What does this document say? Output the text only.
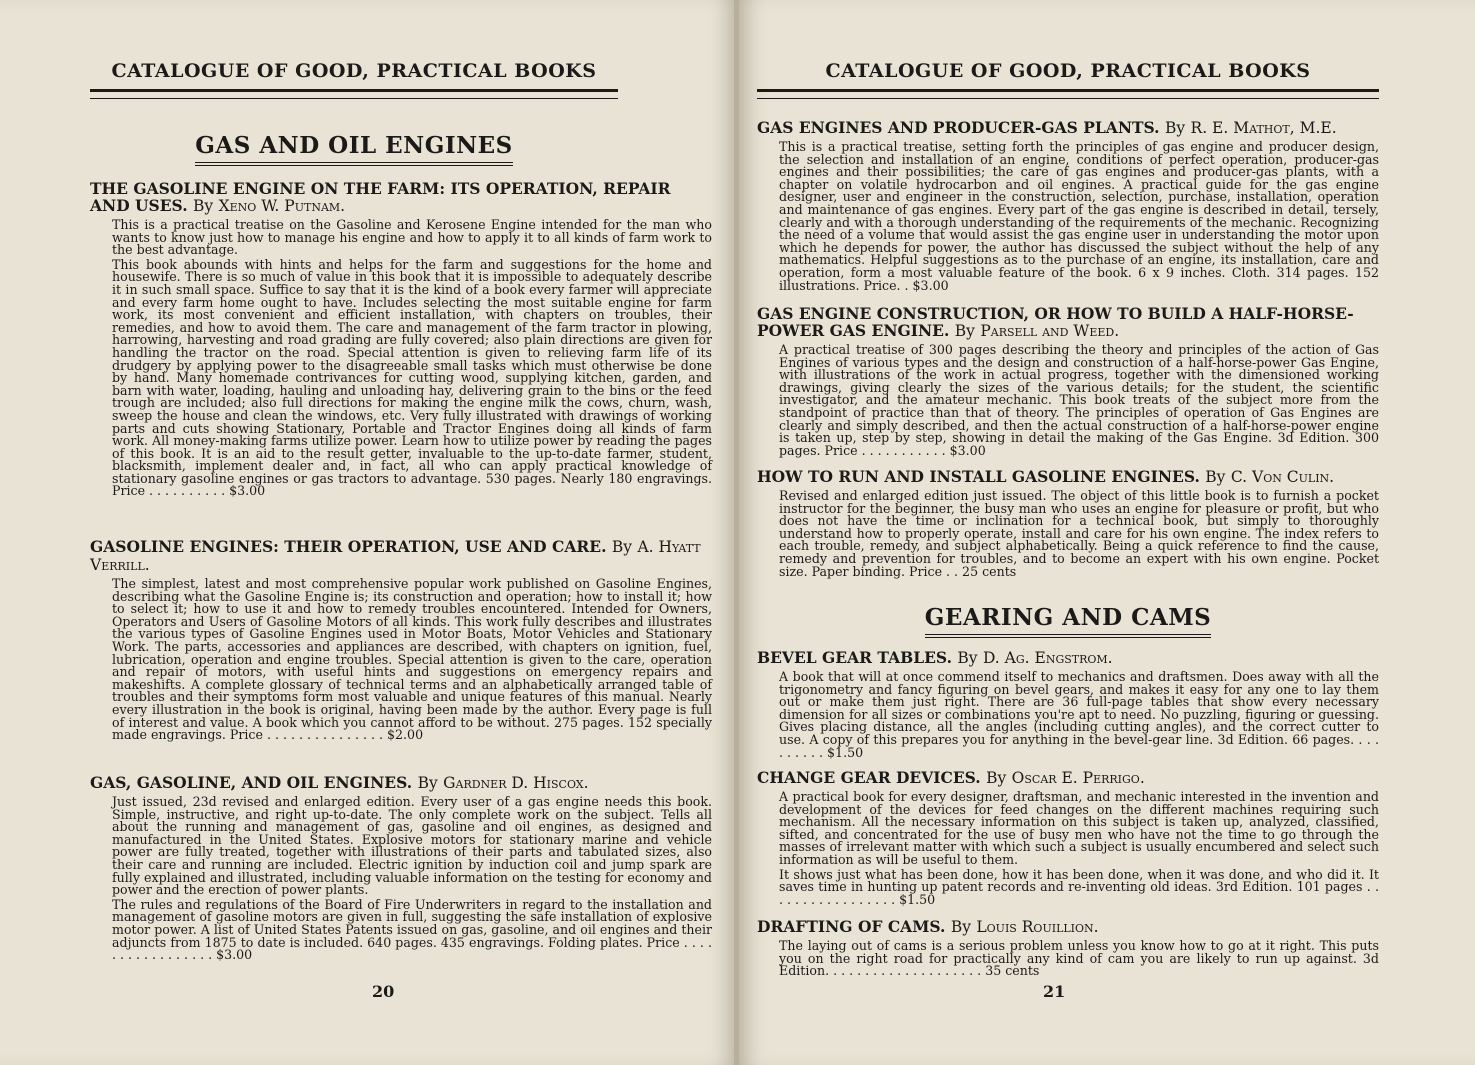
CATALOGUE OF GOOD, PRACTICAL BOOKS
GAS AND OIL ENGINES
THE GASOLINE ENGINE ON THE FARM: ITS OPERATION, REPAIR AND USES. By Xeno W. Putnam.

This is a practical treatise on the Gasoline and Kerosene Engine intended for the man who wants to know just how to manage his engine and how to apply it to all kinds of farm work to the best advantage.

This book abounds with hints and helps for the farm and suggestions for the home and housewife. There is so much of value in this book that it is impossible to adequately describe it in such small space. Suffice to say that it is the kind of a book every farmer will appreciate and every farm home ought to have. Includes selecting the most suitable engine for farm work, its most convenient and efficient installation, with chapters on troubles, their remedies, and how to avoid them. The care and management of the farm tractor in plowing, harrowing, harvesting and road grading are fully covered; also plain directions are given for handling the tractor on the road. Special attention is given to relieving farm life of its drudgery by applying power to the disagreeable small tasks which must otherwise be done by hand. Many homemade contrivances for cutting wood, supplying kitchen, garden, and barn with water, loading, hauling and unloading hay, delivering grain to the bins or the feed trough are included; also full directions for making the engine milk the cows, churn, wash, sweep the house and clean the windows, etc. Very fully illustrated with drawings of working parts and cuts showing Stationary, Portable and Tractor Engines doing all kinds of farm work. All money-making farms utilize power. Learn how to utilize power by reading the pages of this book. It is an aid to the result getter, invaluable to the up-to-date farmer, student, blacksmith, implement dealer and, in fact, all who can apply practical knowledge of stationary gasoline engines or gas tractors to advantage. 530 pages. Nearly 180 engravings. Price . . . . . . . . . . $3.00

GASOLINE ENGINES: THEIR OPERATION, USE AND CARE. By A. Hyatt Verrill.

The simplest, latest and most comprehensive popular work published on Gasoline Engines, describing what the Gasoline Engine is; its construction and operation; how to install it; how to select it; how to use it and how to remedy troubles encountered. Intended for Owners, Operators and Users of Gasoline Motors of all kinds. This work fully describes and illustrates the various types of Gasoline Engines used in Motor Boats, Motor Vehicles and Stationary Work. The parts, accessories and appliances are described, with chapters on ignition, fuel, lubrication, operation and engine troubles. Special attention is given to the care, operation and repair of motors, with useful hints and suggestions on emergency repairs and makeshifts. A complete glossary of technical terms and an alphabetically arranged table of troubles and their symptoms form most valuable and unique features of this manual. Nearly every illustration in the book is original, having been made by the author. Every page is full of interest and value. A book which you cannot afford to be without. 275 pages. 152 specially made engravings. Price . . . . . . . . . . . . . . . $2.00

GAS, GASOLINE, AND OIL ENGINES. By Gardner D. Hiscox.

Just issued, 23d revised and enlarged edition. Every user of a gas engine needs this book. Simple, instructive, and right up-to-date. The only complete work on the subject. Tells all about the running and management of gas, gasoline and oil engines, as designed and manufactured in the United States. Explosive motors for stationary marine and vehicle power are fully treated, together with illustrations of their parts and tabulated sizes, also their care and running are included. Electric ignition by induction coil and jump spark are fully explained and illustrated, including valuable information on the testing for economy and power and the erection of power plants.

The rules and regulations of the Board of Fire Underwriters in regard to the installation and management of gasoline motors are given in full, suggesting the safe installation of explosive motor power. A list of United States Patents issued on gas, gasoline, and oil engines and their adjuncts from 1875 to date is included. 640 pages. 435 engravings. Folding plates. Price . . . . . . . . . . . . . . . . . $3.00

20
CATALOGUE OF GOOD, PRACTICAL BOOKS
GAS ENGINES AND PRODUCER-GAS PLANTS. By R. E. Mathot, M.E.

This is a practical treatise, setting forth the principles of gas engine and producer design, the selection and installation of an engine, conditions of perfect operation, producer-gas engines and their possibilities; the care of gas engines and producer-gas plants, with a chapter on volatile hydrocarbon and oil engines. A practical guide for the gas engine designer, user and engineer in the construction, selection, purchase, installation, operation and maintenance of gas engines. Every part of the gas engine is described in detail, tersely, clearly and with a thorough understanding of the requirements of the mechanic. Recognizing the need of a volume that would assist the gas engine user in understanding the motor upon which he depends for power, the author has discussed the subject without the help of any mathematics. Helpful suggestions as to the purchase of an engine, its installation, care and operation, form a most valuable feature of the book. 6 x 9 inches. Cloth. 314 pages. 152 illustrations. Price. . $3.00

GAS ENGINE CONSTRUCTION, OR HOW TO BUILD A HALF-HORSE-POWER GAS ENGINE. By Parsell and Weed.

A practical treatise of 300 pages describing the theory and principles of the action of Gas Engines of various types and the design and construction of a half-horse-power Gas Engine, with illustrations of the work in actual progress, together with the dimensioned working drawings, giving clearly the sizes of the various details; for the student, the scientific investigator, and the amateur mechanic. This book treats of the subject more from the standpoint of practice than that of theory. The principles of operation of Gas Engines are clearly and simply described, and then the actual construction of a half-horse-power engine is taken up, step by step, showing in detail the making of the Gas Engine. 3d Edition. 300 pages. Price . . . . . . . . . . . $3.00

HOW TO RUN AND INSTALL GASOLINE ENGINES. By C. Von Culin.

Revised and enlarged edition just issued. The object of this little book is to furnish a pocket instructor for the beginner, the busy man who uses an engine for pleasure or profit, but who does not have the time or inclination for a technical book, but simply to thoroughly understand how to properly operate, install and care for his own engine. The index refers to each trouble, remedy, and subject alphabetically. Being a quick reference to find the cause, remedy and prevention for troubles, and to become an expert with his own engine. Pocket size. Paper binding. Price . . 25 cents

GEARING AND CAMS
BEVEL GEAR TABLES. By D. Ag. Engstrom.

A book that will at once commend itself to mechanics and draftsmen. Does away with all the trigonometry and fancy figuring on bevel gears, and makes it easy for any one to lay them out or make them just right. There are 36 full-page tables that show every necessary dimension for all sizes or combinations you're apt to need. No puzzling, figuring or guessing. Gives placing distance, all the angles (including cutting angles), and the correct cutter to use. A copy of this prepares you for anything in the bevel-gear line. 3d Edition. 66 pages. . . . . . . . . . $1.50

CHANGE GEAR DEVICES. By Oscar E. Perrigo.

A practical book for every designer, draftsman, and mechanic interested in the invention and development of the devices for feed changes on the different machines requiring such mechanism. All the necessary information on this subject is taken up, analyzed, classified, sifted, and concentrated for the use of busy men who have not the time to go through the masses of irrelevant matter with which such a subject is usually encumbered and select such information as will be useful to them.

It shows just what has been done, how it has been done, when it was done, and who did it. It saves time in hunting up patent records and re-inventing old ideas. 3rd Edition. 101 pages . . . . . . . . . . . . . . . . . $1.50

DRAFTING OF CAMS. By Louis Rouillion.

The laying out of cams is a serious problem unless you know how to go at it right. This puts you on the right road for practically any kind of cam you are likely to run up against. 3d Edition. . . . . . . . . . . . . . . . . . . . 35 cents

21
